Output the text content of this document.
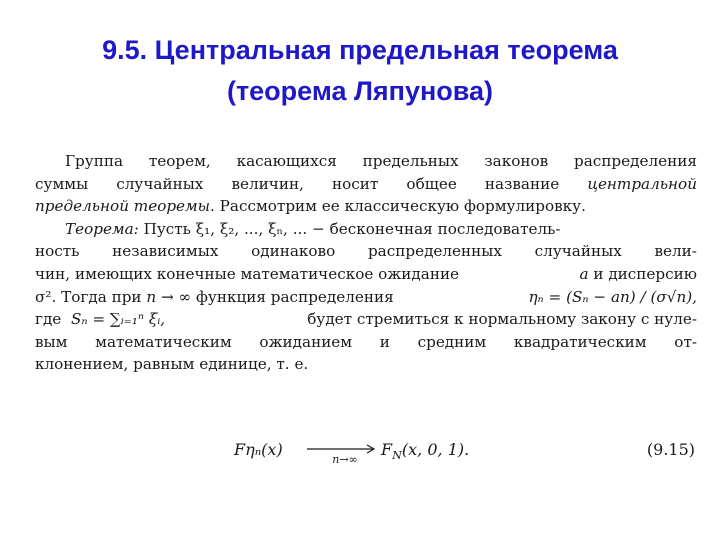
9.5. Центральная предельная теорема
(теорема Ляпунова)
Группа теорем, касающихся предельных законов распределения
суммы случайных величин, носит общее название центральной
предельной теоремы . Рассмотрим ее классическую формулировку.
Теорема: Пусть ξ₁, ξ₂, ..., ξₙ, ... − бесконечная последователь-
ность независимых одинаково распределенных случайных вели-
чин, имеющих конечные математическое ожидание	a и дисперсию
σ². Тогда при n → ∞ функция распределения	ηₙ = (Sₙ − an) / (σ√n),
где Sₙ = ∑ᵢ₌₁ⁿ ξᵢ,	будет стремиться к нормальному закону с нуле-
вым математическим ожиданием и средним квадратическим от-
клонением, равным единице, т. е.
Fηₙ(x)
n→∞
$F_N(x$, 0, 1).	(9.15)
